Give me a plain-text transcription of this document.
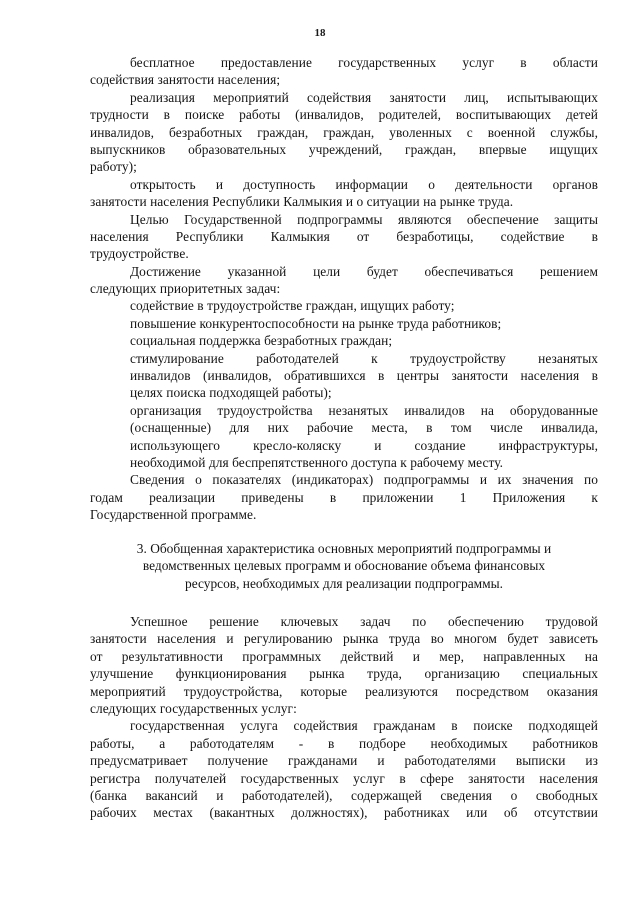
18
бесплатное предоставление государственных услуг в области
содействия занятости населения;
реализация мероприятий содействия занятости лиц, испытывающих
трудности в поиске работы (инвалидов, родителей, воспитывающих детей
инвалидов, безработных граждан, граждан, уволенных с военной службы,
выпускников образовательных учреждений, граждан, впервые ищущих
работу);
открытость и доступность информации о деятельности органов
занятости населения Республики Калмыкия и о ситуации на рынке труда.
Целью Государственной подпрограммы являются обеспечение защиты
населения Республики Калмыкия от безработицы, содействие в
трудоустройстве.
Достижение указанной цели будет обеспечиваться решением
следующих приоритетных задач:
содействие в трудоустройстве граждан, ищущих работу;
повышение конкурентоспособности на рынке труда работников;
социальная поддержка безработных граждан;
стимулирование работодателей к трудоустройству незанятых
инвалидов (инвалидов, обратившихся в центры занятости населения в
целях поиска подходящей работы);
организация трудоустройства незанятых инвалидов на оборудованные
(оснащенные) для них рабочие места, в том числе инвалида,
использующего кресло-коляску и создание инфраструктуры,
необходимой для беспрепятственного доступа к рабочему месту.
Сведения о показателях (индикаторах) подпрограммы и их значения по
годам реализации приведены в приложении 1 Приложения к
Государственной программе.
3. Обобщенная характеристика основных мероприятий подпрограммы и
ведомственных целевых программ и обоснование объема финансовых
ресурсов, необходимых для реализации подпрограммы.
Успешное решение ключевых задач по обеспечению трудовой
занятости населения и регулированию рынка труда во многом будет зависеть
от результативности программных действий и мер, направленных на
улучшение функционирования рынка труда, организацию специальных
мероприятий трудоустройства, которые реализуются посредством оказания
следующих государственных услуг:
государственная услуга содействия гражданам в поиске подходящей
работы, а работодателям - в подборе необходимых работников
предусматривает получение гражданами и работодателями выписки из
регистра получателей государственных услуг в сфере занятости населения
(банка вакансий и работодателей), содержащей сведения о свободных
рабочих местах (вакантных должностях), работниках или об отсутствии
